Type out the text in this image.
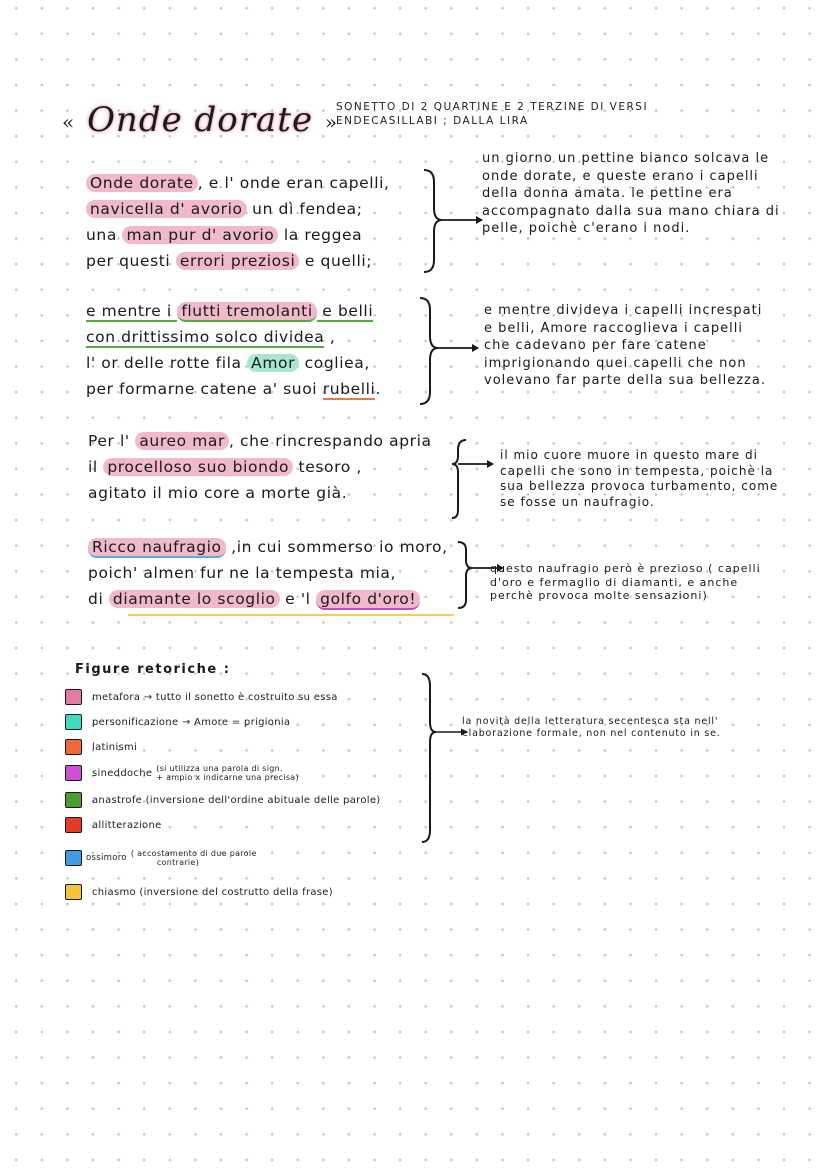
« Onde dorate »
SONETTO DI 2 QUARTINE E 2 TERZINE DI VERSI
ENDECASILLABI ; DALLA LIRA
Onde dorate , e l' onde eran capelli,
navicella d' avorio un dì fendea;
una man pur d' avorio la reggea
per questi errori preziosi e quelli;
un giorno un pettine bianco solcava le onde dorate, e queste erano i capelli della donna amata. le pettine era accompagnato dalla sua mano chiara di pelle, poichè c'erano i nodi.
e mentre i flutti tremolanti e belli
con drittissimo solco dividea ,
l' or delle rotte fila Amor cogliea,
per formarne catene a' suoi rubelli.
e mentre divideva i capelli increspati e belli, Amore raccoglieva i capelli che cadevano per fare catene imprigionando quei capelli che non volevano far parte della sua bellezza.
Per l' aureo mar , che rincrespando apria
il procelloso suo biondo tesoro ,
agitato il mio core a morte già.
il mio cuore muore in questo mare di capelli che sono in tempesta, poichè la sua bellezza provoca turbamento, come se fosse un naufragio.
Ricco naufragio ,in cui sommerso io moro,
poich' almen fur ne la tempesta mia,
di diamante lo scoglio e 'l golfo d'oro!
questo naufragio però è prezioso ( capelli d'oro e fermaglio di diamanti, e anche perchè provoca molte sensazioni)
Figure retoriche :
metafora → tutto il sonetto è costruito su essa
personificazione → Amore = prigionia
latinismi
sineddoche (si utilizza una parola di sign.
+ ampio x indicarne una precisa)
anastrofe (inversione dell'ordine abituale delle parole)
allitterazione
ossimoro ( accostamento di due parole
contrarie)
chiasmo (inversione del costrutto della frase)
la novità della letteratura secentesca sta nell' elaborazione formale, non nel contenuto in se.
